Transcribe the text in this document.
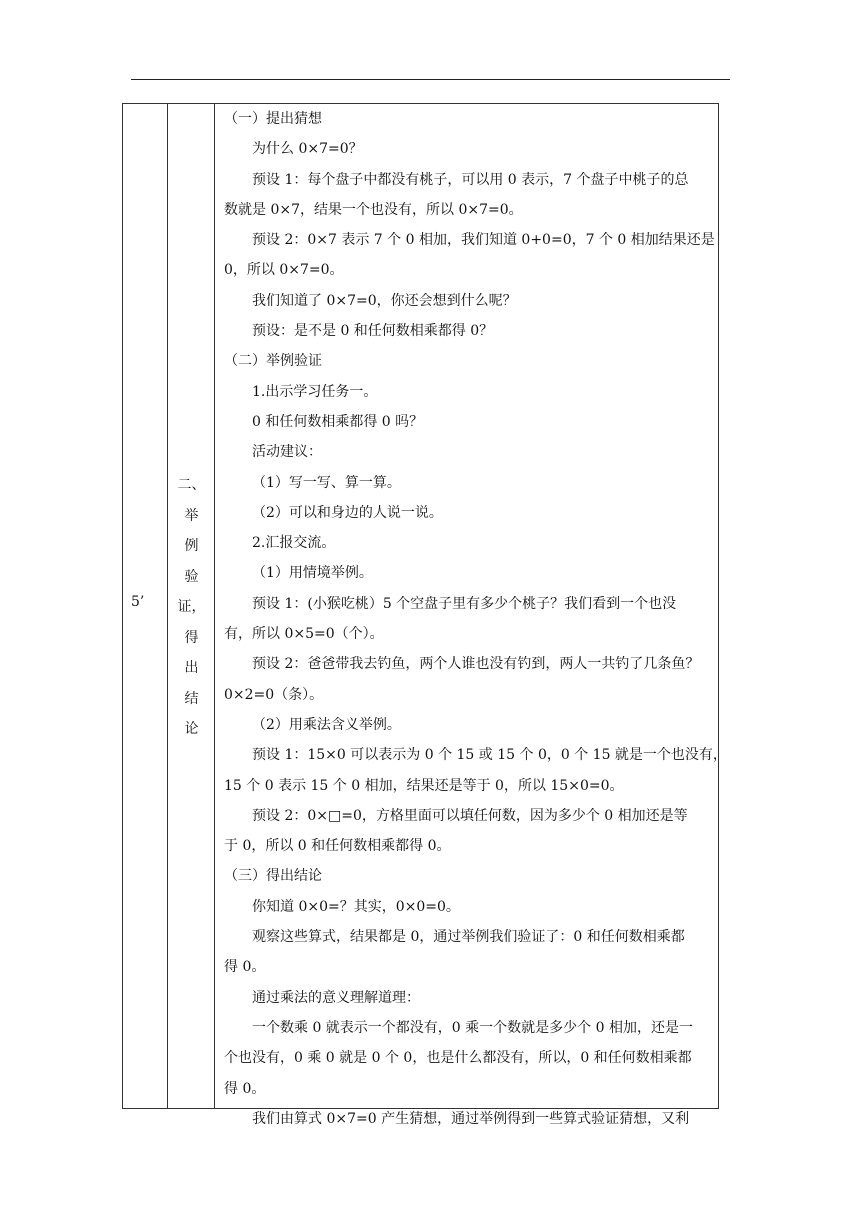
5’
二、
举
例
验
证，
得
出
结
论
（一）提出猜想
为什么 0×7=0？
预设 1：每个盘子中都没有桃子，可以用 0 表示，7 个盘子中桃子的总
数就是 0×7，结果一个也没有，所以 0×7=0。
预设 2：0×7 表示 7 个 0 相加，我们知道 0+0=0，7 个 0 相加结果还是
0，所以 0×7=0。
我们知道了 0×7=0，你还会想到什么呢？
预设：是不是 0 和任何数相乘都得 0？
（二）举例验证
1.出示学习任务一。
0 和任何数相乘都得 0 吗？
活动建议：
（1）写一写、算一算。
（2）可以和身边的人说一说。
2.汇报交流。
（1）用情境举例。
预设 1：(小猴吃桃）5 个空盘子里有多少个桃子？我们看到一个也没
有，所以 0×5=0（个）。
预设 2：爸爸带我去钓鱼，两个人谁也没有钓到，两人一共钓了几条鱼？
0×2=0（条）。
（2）用乘法含义举例。
预设 1：15×0 可以表示为 0 个 15 或 15 个 0，0 个 15 就是一个也没有，
15 个 0 表示 15 个 0 相加，结果还是等于 0，所以 15×0=0。
预设 2：0×□=0，方格里面可以填任何数，因为多少个 0 相加还是等
于 0，所以 0 和任何数相乘都得 0。
（三）得出结论
你知道 0×0=？其实，0×0=0。
观察这些算式，结果都是 0，通过举例我们验证了：0 和任何数相乘都
得 0。
通过乘法的意义理解道理：
一个数乘 0 就表示一个都没有，0 乘一个数就是多少个 0 相加，还是一
个也没有，0 乘 0 就是 0 个 0，也是什么都没有，所以，0 和任何数相乘都
得 0。
我们由算式 0×7=0 产生猜想，通过举例得到一些算式验证猜想，又利
